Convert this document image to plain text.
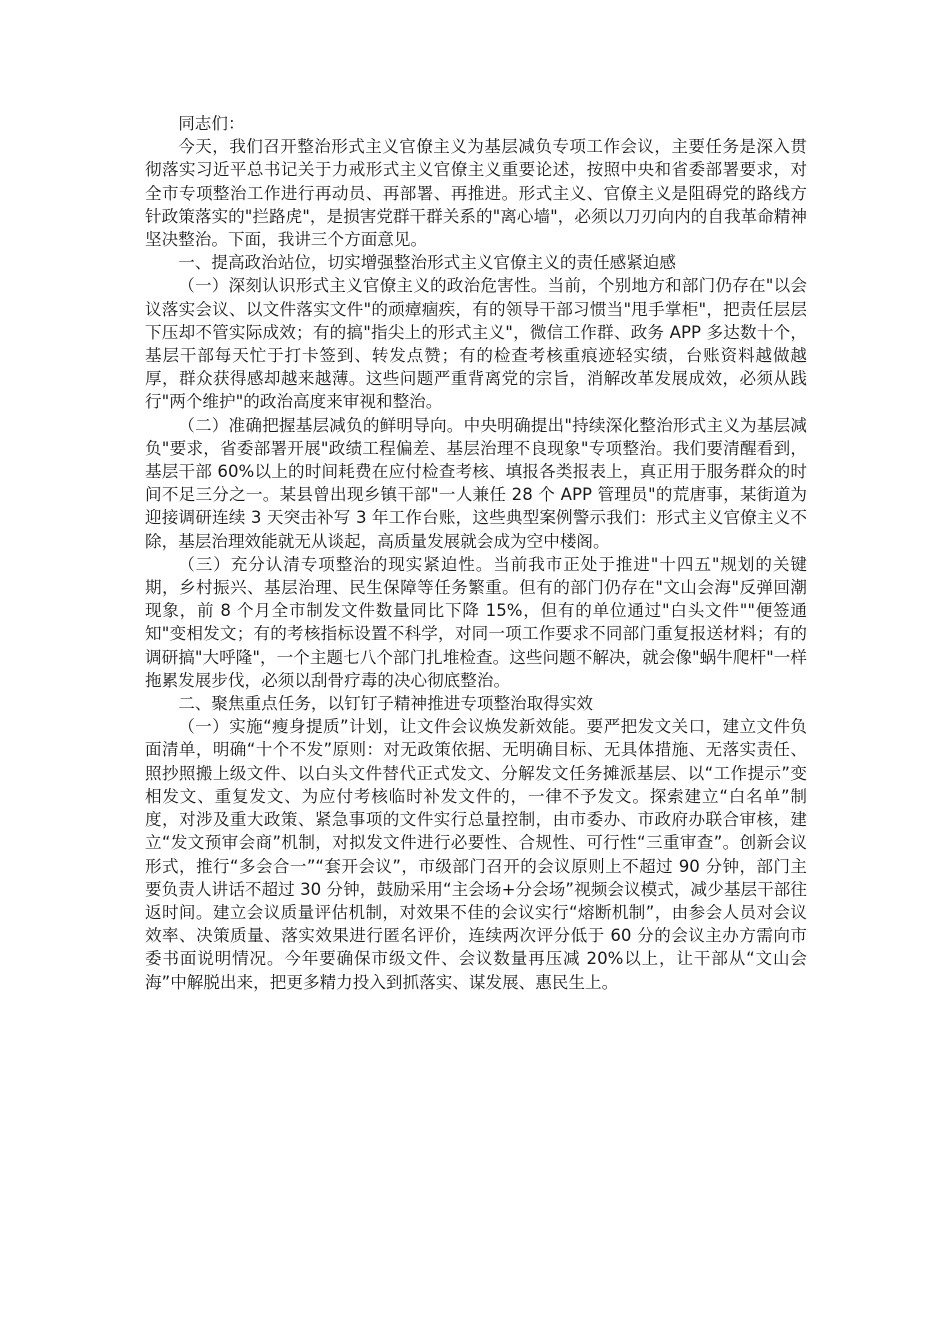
同志们：

今天，我们召开整治形式主义官僚主义为基层减负专项工作会议，主要任务是深入贯彻落实习近平总书记关于力戒形式主义官僚主义重要论述，按照中央和省委部署要求，对全市专项整治工作进行再动员、再部署、再推进。形式主义、官僚主义是阻碍党的路线方针政策落实的"拦路虎"，是损害党群干群关系的"离心墙"，必须以刀刃向内的自我革命精神坚决整治。下面，我讲三个方面意见。

一、提高政治站位，切实增强整治形式主义官僚主义的责任感紧迫感

（一）深刻认识形式主义官僚主义的政治危害性。当前，个别地方和部门仍存在"以会议落实会议、以文件落实文件"的顽瘴痼疾，有的领导干部习惯当"甩手掌柜"，把责任层层下压却不管实际成效；有的搞"指尖上的形式主义"，微信工作群、政务 APP 多达数十个，基层干部每天忙于打卡签到、转发点赞；有的检查考核重痕迹轻实绩，台账资料越做越厚，群众获得感却越来越薄。这些问题严重背离党的宗旨，消解改革发展成效，必须从践行"两个维护"的政治高度来审视和整治。

（二）准确把握基层减负的鲜明导向。中央明确提出"持续深化整治形式主义为基层减负"要求，省委部署开展"政绩工程偏差、基层治理不良现象"专项整治。我们要清醒看到，基层干部 60%以上的时间耗费在应付检查考核、填报各类报表上，真正用于服务群众的时间不足三分之一。某县曾出现乡镇干部"一人兼任 28 个 APP 管理员"的荒唐事，某街道为迎接调研连续 3 天突击补写 3 年工作台账，这些典型案例警示我们：形式主义官僚主义不除，基层治理效能就无从谈起，高质量发展就会成为空中楼阁。

（三）充分认清专项整治的现实紧迫性。当前我市正处于推进"十四五"规划的关键期，乡村振兴、基层治理、民生保障等任务繁重。但有的部门仍存在"文山会海"反弹回潮现象，前 8 个月全市制发文件数量同比下降 15%，但有的单位通过"白头文件""便签通知"变相发文；有的考核指标设置不科学，对同一项工作要求不同部门重复报送材料；有的调研搞"大呼隆"，一个主题七八个部门扎堆检查。这些问题不解决，就会像"蜗牛爬杆"一样拖累发展步伐，必须以刮骨疗毒的决心彻底整治。

二、聚焦重点任务，以钉钉子精神推进专项整治取得实效

（一）实施“瘦身提质”计划，让文件会议焕发新效能。要严把发文关口，建立文件负面清单，明确“十个不发”原则：对无政策依据、无明确目标、无具体措施、无落实责任、照抄照搬上级文件、以白头文件替代正式发文、分解发文任务摊派基层、以“工作提示”变相发文、重复发文、为应付考核临时补发文件的，一律不予发文。探索建立“白名单”制度，对涉及重大政策、紧急事项的文件实行总量控制，由市委办、市政府办联合审核，建立“发文预审会商”机制，对拟发文件进行必要性、合规性、可行性“三重审查”。创新会议形式，推行“多会合一”“套开会议”，市级部门召开的会议原则上不超过 90 分钟，部门主要负责人讲话不超过 30 分钟，鼓励采用“主会场+分会场”视频会议模式，减少基层干部往返时间。建立会议质量评估机制，对效果不佳的会议实行“熔断机制”，由参会人员对会议效率、决策质量、落实效果进行匿名评价，连续两次评分低于 60 分的会议主办方需向市委书面说明情况。今年要确保市级文件、会议数量再压减 20%以上，让干部从“文山会海”中解脱出来，把更多精力投入到抓落实、谋发展、惠民生上。
